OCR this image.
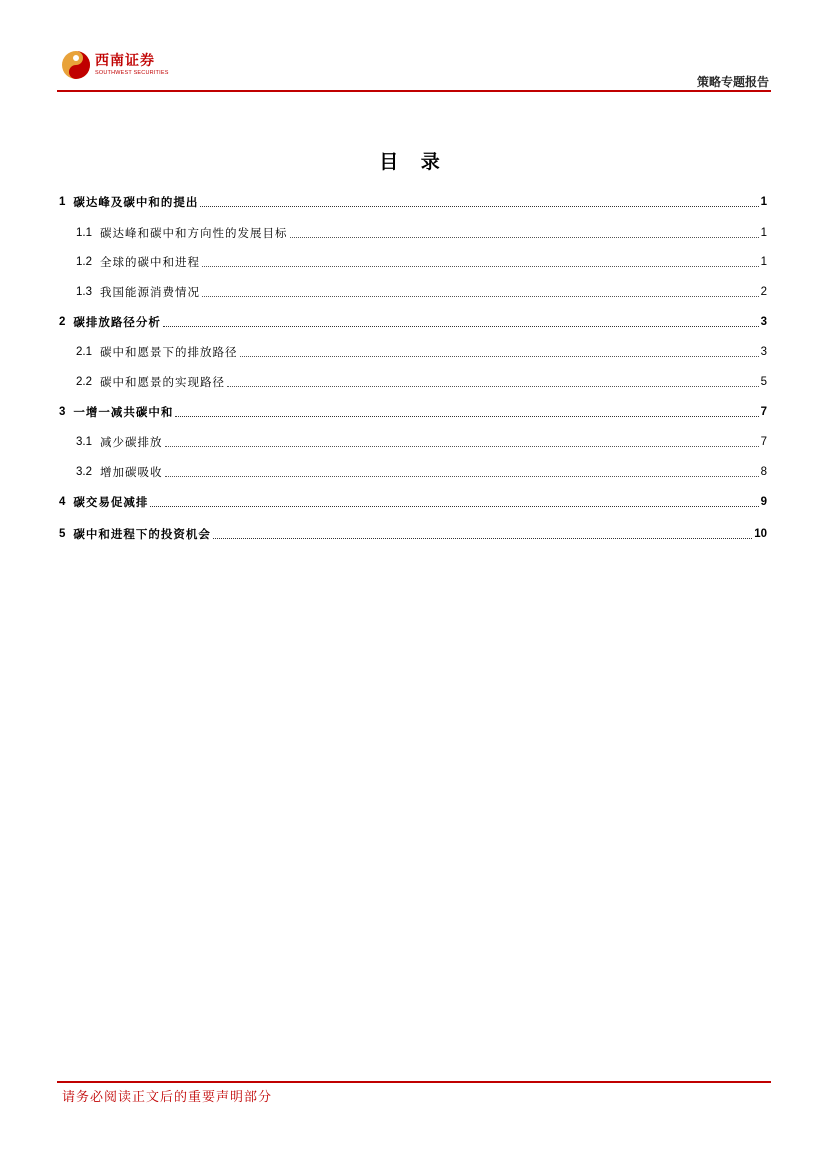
西南证券
SOUTHWEST SECURITIES
策略专题报告
目 录
1 碳达峰及碳中和的提出	1
1.1 碳达峰和碳中和方向性的发展目标	1
1.2 全球的碳中和进程	1
1.3 我国能源消费情况	2
2 碳排放路径分析	3
2.1 碳中和愿景下的排放路径	3
2.2 碳中和愿景的实现路径	5
3 一增一减共碳中和	7
3.1 减少碳排放	7
3.2 增加碳吸收	8
4 碳交易促减排	9
5 碳中和进程下的投资机会	10
请务必阅读正文后的重要声明部分
